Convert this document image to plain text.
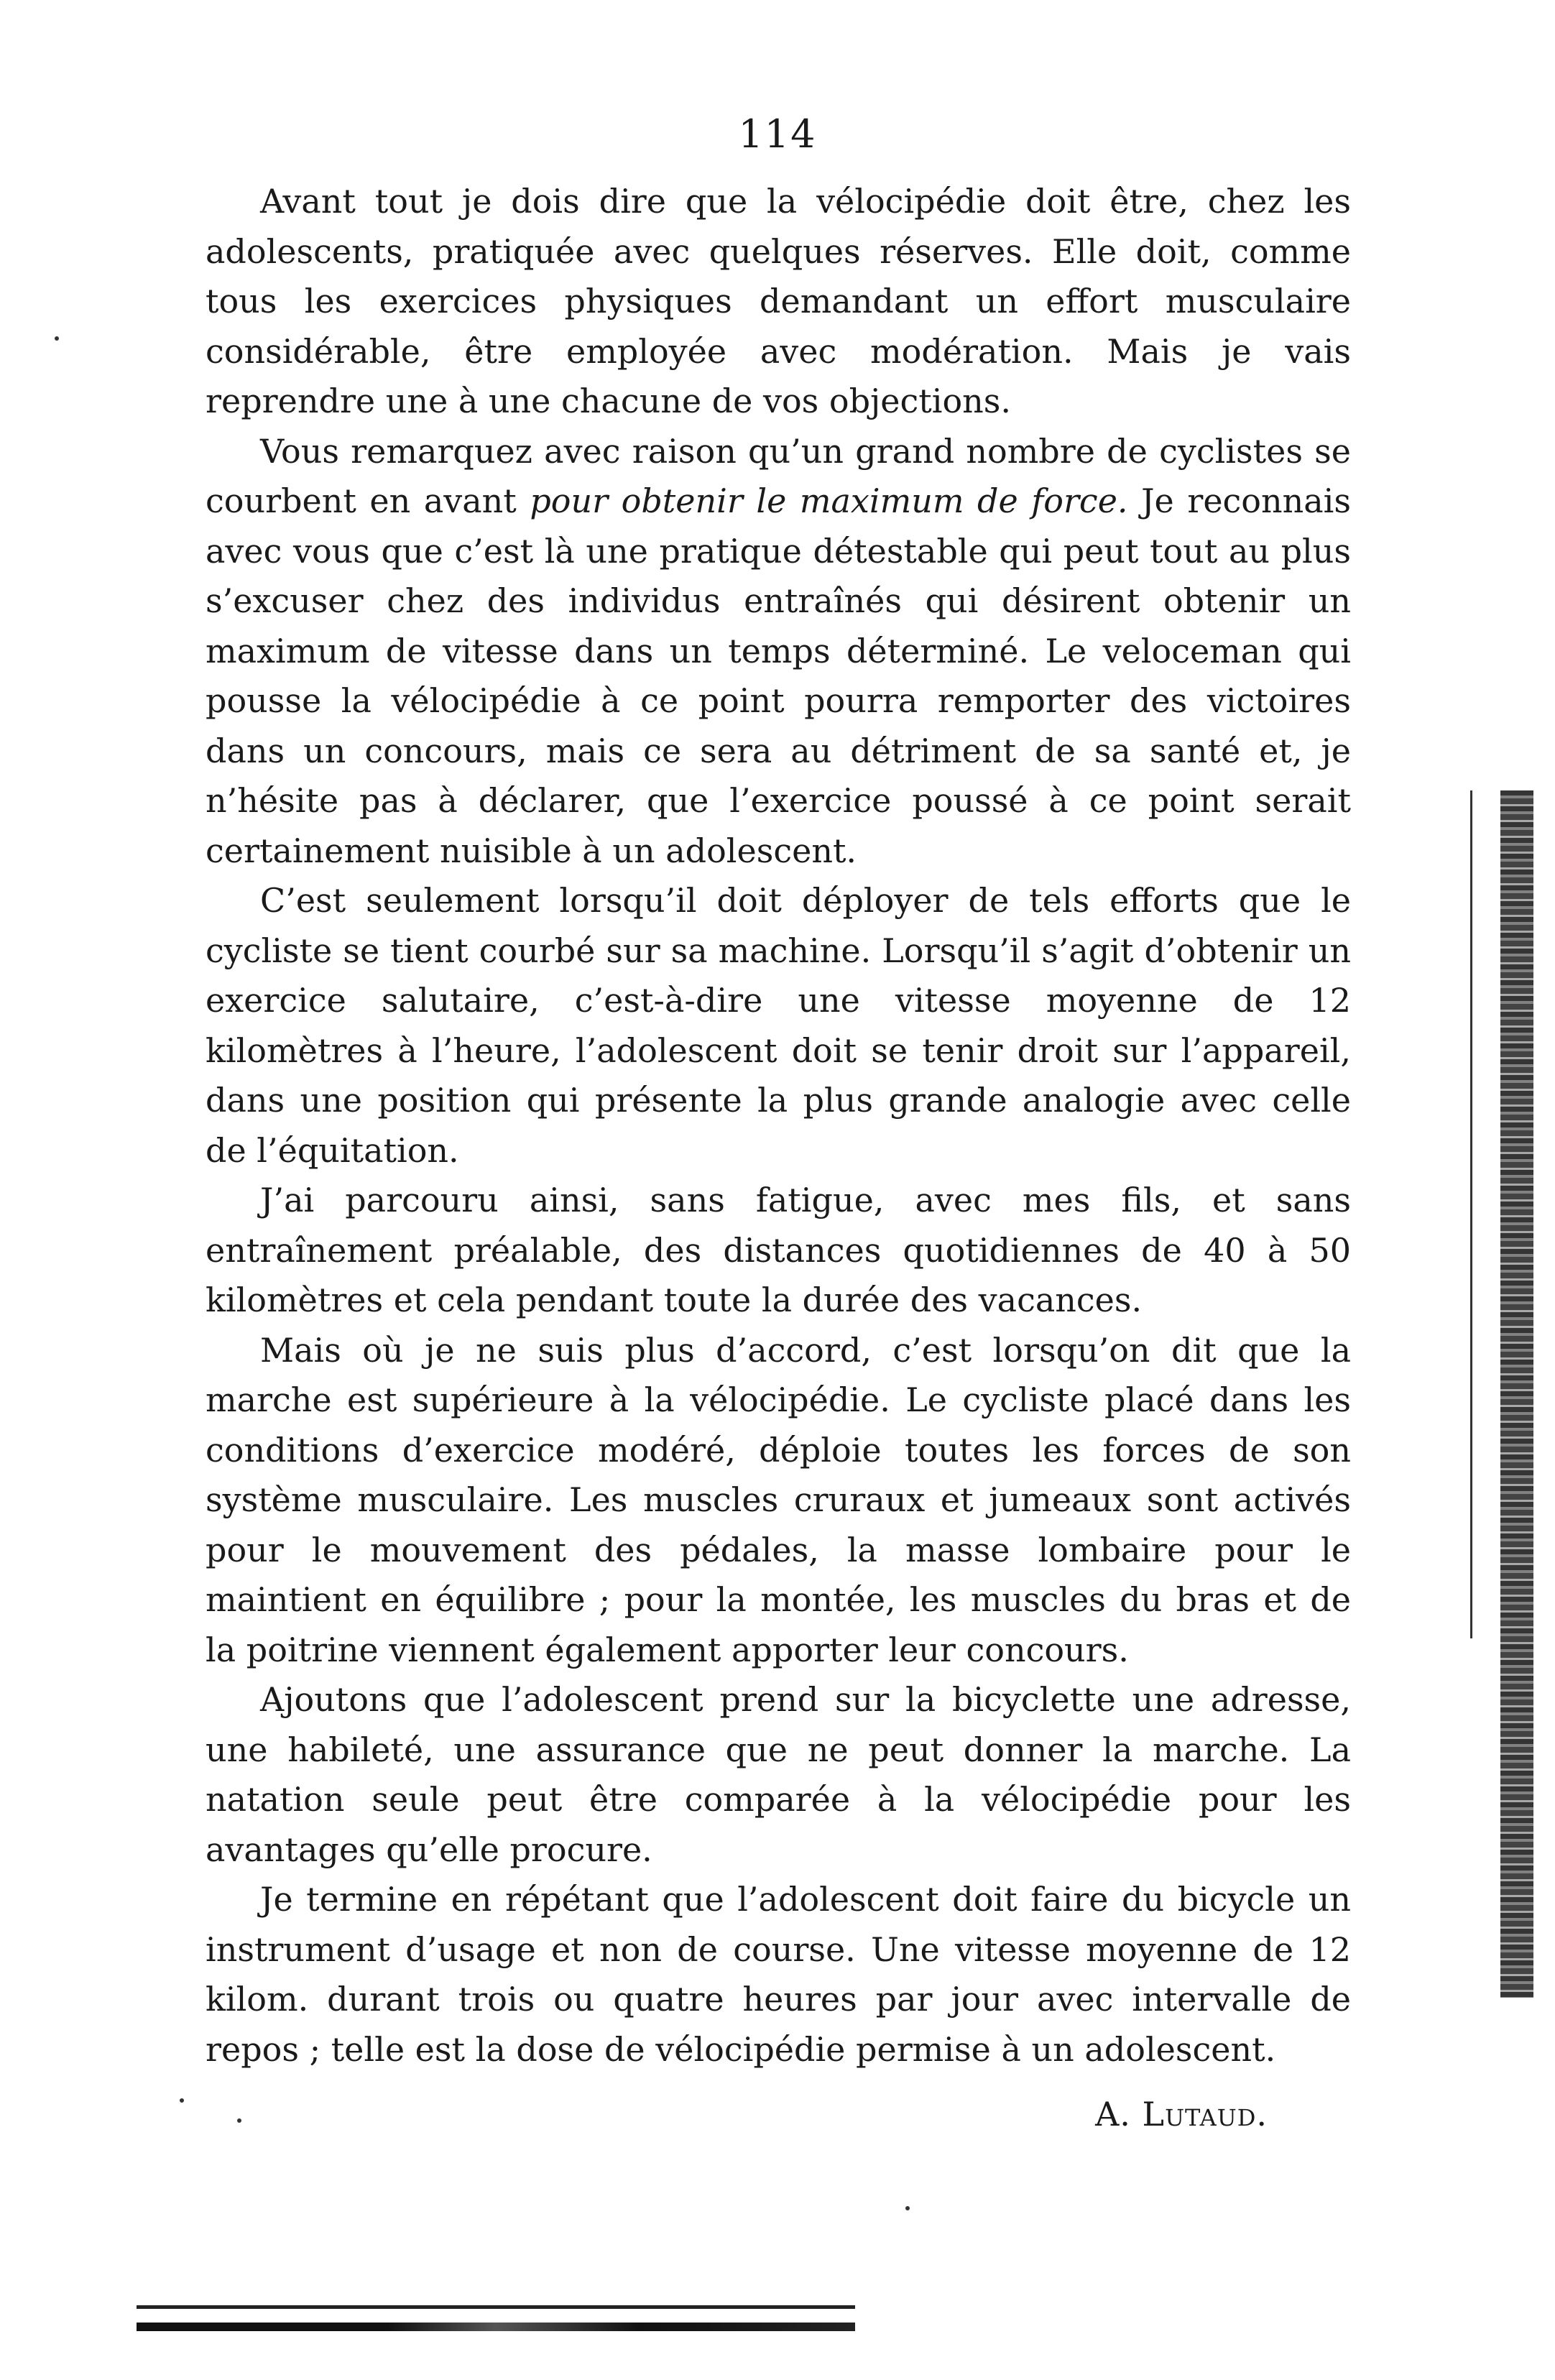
114

Avant tout je dois dire que la vélocipédie doit être, chez les adolescents, pratiquée avec quelques réserves. Elle doit, comme tous les exercices physiques demandant un effort musculaire considérable, être employée avec modération. Mais je vais reprendre une à une chacune de vos objections.

Vous remarquez avec raison qu’un grand nombre de cyclistes se courbent en avant pour obtenir le maximum de force. Je reconnais avec vous que c’est là une pratique détestable qui peut tout au plus s’excuser chez des individus entraînés qui désirent obtenir un maximum de vitesse dans un temps déterminé. Le veloceman qui pousse la vélocipédie à ce point pourra remporter des victoires dans un concours, mais ce sera au détriment de sa santé et, je n’hésite pas à déclarer, que l’exercice poussé à ce point serait certainement nuisible à un adolescent.

C’est seulement lorsqu’il doit déployer de tels efforts que le cycliste se tient courbé sur sa machine. Lorsqu’il s’agit d’obtenir un exercice salutaire, c’est-à-dire une vitesse moyenne de 12 kilomètres à l’heure, l’adolescent doit se tenir droit sur l’appareil, dans une position qui présente la plus grande analogie avec celle de l’équitation.

J’ai parcouru ainsi, sans fatigue, avec mes fils, et sans entraînement préalable, des distances quotidiennes de 40 à 50 kilomètres et cela pendant toute la durée des vacances.

Mais où je ne suis plus d’accord, c’est lorsqu’on dit que la marche est supérieure à la vélocipédie. Le cycliste placé dans les conditions d’exercice modéré, déploie toutes les forces de son système musculaire. Les muscles cruraux et jumeaux sont activés pour le mouvement des pédales, la masse lombaire pour le maintient en équilibre ; pour la montée, les muscles du bras et de la poitrine viennent également apporter leur concours.

Ajoutons que l’adolescent prend sur la bicyclette une adresse, une habileté, une assurance que ne peut donner la marche. La natation seule peut être comparée à la vélocipédie pour les avantages qu’elle procure.

Je termine en répétant que l’adolescent doit faire du bicycle un instrument d’usage et non de course. Une vitesse moyenne de 12 kilom. durant trois ou quatre heures par jour avec intervalle de repos ; telle est la dose de vélocipédie permise à un adolescent.

A. Lutaud.
